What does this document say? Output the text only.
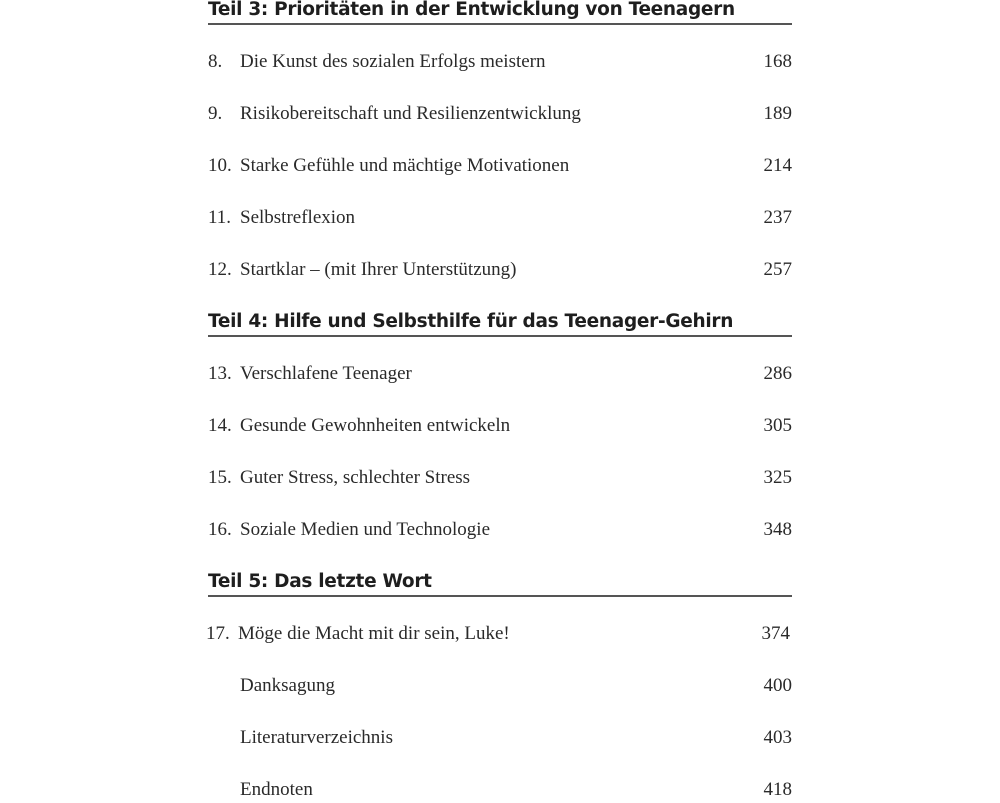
Teil 3: Prioritäten in der Entwicklung von Teenagern
8. Die Kunst des sozialen Erfolgs meistern	168
9. Risikobereitschaft und Resilienzentwicklung	189
10. Starke Gefühle und mächtige Motivationen	214
11. Selbstreflexion	237
12. Startklar – (mit Ihrer Unterstützung)	257
Teil 4: Hilfe und Selbsthilfe für das Teenager-Gehirn
13. Verschlafene Teenager	286
14. Gesunde Gewohnheiten entwickeln	305
15. Guter Stress, schlechter Stress	325
16. Soziale Medien und Technologie	348
Teil 5: Das letzte Wort
17. Möge die Macht mit dir sein, Luke!	374
Danksagung	400
Literaturverzeichnis	403
Endnoten	418
